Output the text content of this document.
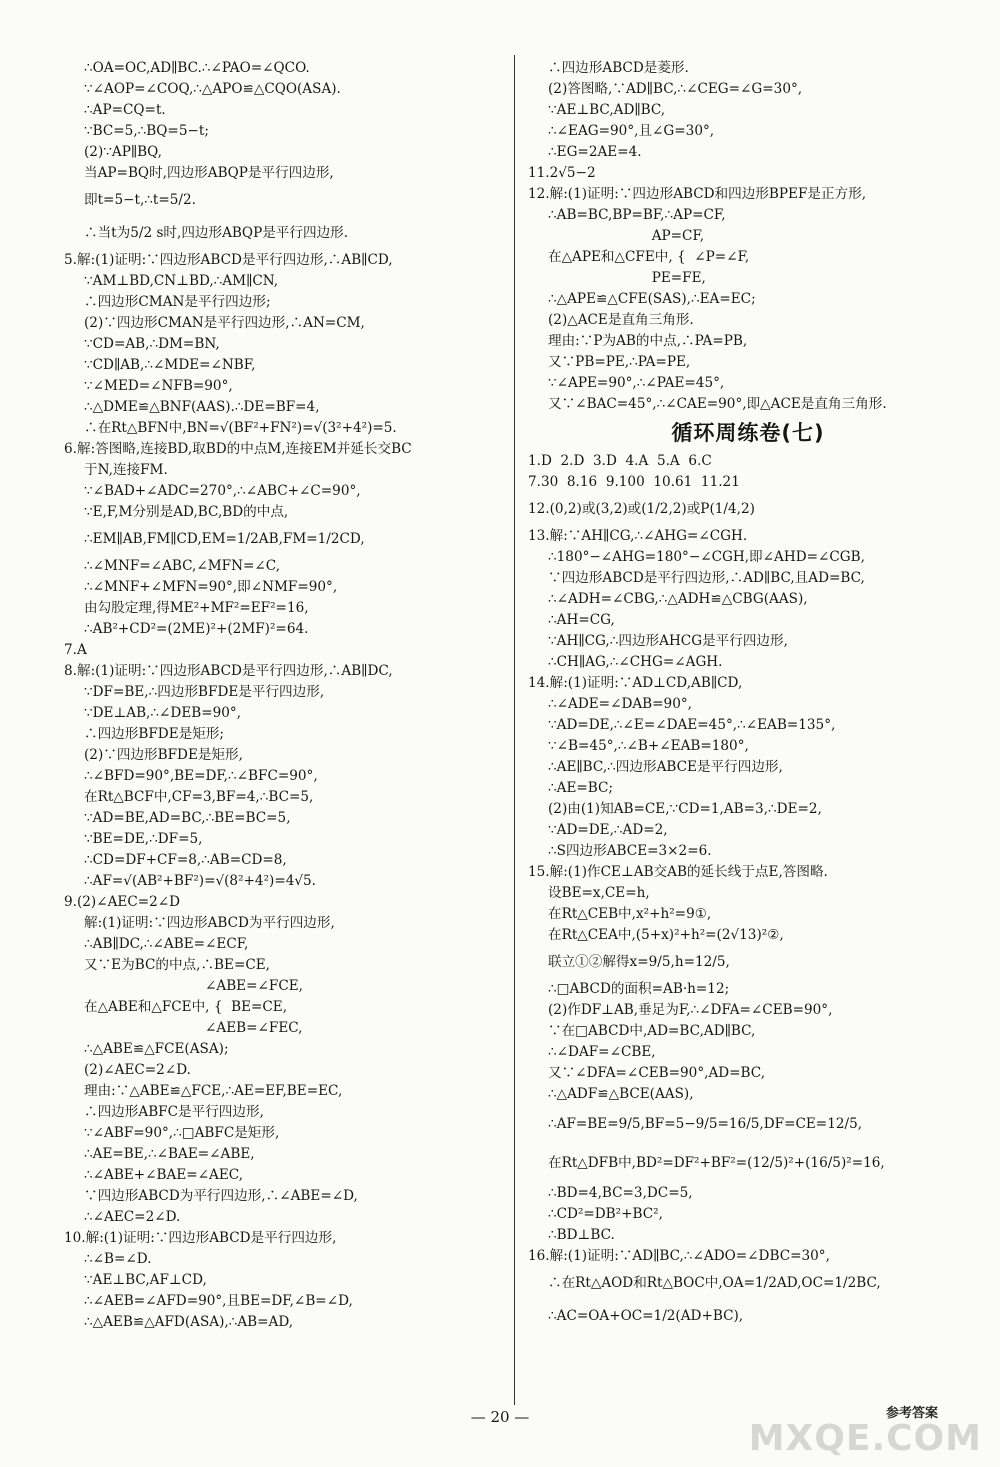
∴OA=OC,AD∥BC.∴∠PAO=∠QCO.
∵∠AOP=∠COQ,∴△APO≌△CQO(ASA).
∴AP=CQ=t.
∵BC=5,∴BQ=5−t;
(2)∵AP∥BQ,
当AP=BQ时,四边形ABQP是平行四边形,
即t=5−t,∴t=5/2.
∴当t为5/2 s时,四边形ABQP是平行四边形.
5.解:(1)证明:∵四边形ABCD是平行四边形,∴AB∥CD,
∵AM⊥BD,CN⊥BD,∴AM∥CN,
∴四边形CMAN是平行四边形;
(2)∵四边形CMAN是平行四边形,∴AN=CM,
∵CD=AB,∴DM=BN,
∵CD∥AB,∴∠MDE=∠NBF,
∵∠MED=∠NFB=90°,
∴△DME≌△BNF(AAS).∴DE=BF=4,
∴在Rt△BFN中,BN=√(BF²+FN²)=√(3²+4²)=5.
6.解:答图略,连接BD,取BD的中点M,连接EM并延长交BC
于N,连接FM.
∵∠BAD+∠ADC=270°,∴∠ABC+∠C=90°,
∵E,F,M分别是AD,BC,BD的中点,
∴EM∥AB,FM∥CD,EM=1/2AB,FM=1/2CD,
∴∠MNF=∠ABC,∠MFN=∠C,
∴∠MNF+∠MFN=90°,即∠NMF=90°,
由勾股定理,得ME²+MF²=EF²=16,
∴AB²+CD²=(2ME)²+(2MF)²=64.
7.A
8.解:(1)证明:∵四边形ABCD是平行四边形,∴AB∥DC,
∵DF=BE,∴四边形BFDE是平行四边形,
∵DE⊥AB,∴∠DEB=90°,
∴四边形BFDE是矩形;
(2)∵四边形BFDE是矩形,
∴∠BFD=90°,BE=DF,∴∠BFC=90°,
在Rt△BCF中,CF=3,BF=4,∴BC=5,
∵AD=BE,AD=BC,∴BE=BC=5,
∵BE=DE,∴DF=5,
∴CD=DF+CF=8,∴AB=CD=8,
∴AF=√(AB²+BF²)=√(8²+4²)=4√5.
9.(2)∠AEC=2∠D
解:(1)证明:∵四边形ABCD为平行四边形,
∴AB∥DC,∴∠ABE=∠ECF,
又∵E为BC的中点,∴BE=CE,
∠ABE=∠FCE,
在△ABE和△FCE中, {  BE=CE,
∠AEB=∠FEC,
∴△ABE≌△FCE(ASA);
(2)∠AEC=2∠D.
理由:∵△ABE≌△FCE,∴AE=EF,BE=EC,
∴四边形ABFC是平行四边形,
∵∠ABF=90°,∴□ABFC是矩形,
∴AE=BE,∴∠BAE=∠ABE,
∴∠ABE+∠BAE=∠AEC,
∵四边形ABCD为平行四边形,∴∠ABE=∠D,
∴∠AEC=2∠D.
10.解:(1)证明:∵四边形ABCD是平行四边形,
∴∠B=∠D.
∵AE⊥BC,AF⊥CD,
∴∠AEB=∠AFD=90°,且BE=DF,∠B=∠D,
∴△AEB≌△AFD(ASA),∴AB=AD,
∴四边形ABCD是菱形.
(2)答图略,∵AD∥BC,∴∠CEG=∠G=30°,
∵AE⊥BC,AD∥BC,
∴∠EAG=90°,且∠G=30°,
∴EG=2AE=4.
11.2√5−2
12.解:(1)证明:∵四边形ABCD和四边形BPEF是正方形,
∴AB=BC,BP=BF,∴AP=CF,
AP=CF,
在△APE和△CFE中, {  ∠P=∠F,
PE=FE,
∴△APE≌△CFE(SAS),∴EA=EC;
(2)△ACE是直角三角形.
理由:∵P为AB的中点,∴PA=PB,
又∵PB=PE,∴PA=PE,
∵∠APE=90°,∴∠PAE=45°,
又∵∠BAC=45°,∴∠CAE=90°,即△ACE是直角三角形.
循环周练卷(七)
1.D  2.D  3.D  4.A  5.A  6.C
7.30  8.16  9.100  10.61  11.21
12.(0,2)或(3,2)或(1/2,2)或P(1/4,2)
13.解:∵AH∥CG,∴∠AHG=∠CGH.
∴180°−∠AHG=180°−∠CGH,即∠AHD=∠CGB,
∵四边形ABCD是平行四边形,∴AD∥BC,且AD=BC,
∴∠ADH=∠CBG,∴△ADH≌△CBG(AAS),
∴AH=CG,
∵AH∥CG,∴四边形AHCG是平行四边形,
∴CH∥AG,∴∠CHG=∠AGH.
14.解:(1)证明:∵AD⊥CD,AB∥CD,
∴∠ADE=∠DAB=90°,
∵AD=DE,∴∠E=∠DAE=45°,∴∠EAB=135°,
∵∠B=45°,∴∠B+∠EAB=180°,
∴AE∥BC,∴四边形ABCE是平行四边形,
∴AE=BC;
(2)由(1)知AB=CE,∵CD=1,AB=3,∴DE=2,
∵AD=DE,∴AD=2,
∴S四边形ABCE=3×2=6.
15.解:(1)作CE⊥AB交AB的延长线于点E,答图略.
设BE=x,CE=h,
在Rt△CEB中,x²+h²=9①,
在Rt△CEA中,(5+x)²+h²=(2√13)²②,
联立①②解得x=9/5,h=12/5,
∴□ABCD的面积=AB·h=12;
(2)作DF⊥AB,垂足为F,∴∠DFA=∠CEB=90°,
∵在□ABCD中,AD=BC,AD∥BC,
∴∠DAF=∠CBE,
又∵∠DFA=∠CEB=90°,AD=BC,
∴△ADF≌△BCE(AAS),
∴AF=BE=9/5,BF=5−9/5=16/5,DF=CE=12/5,
在Rt△DFB中,BD²=DF²+BF²=(12/5)²+(16/5)²=16,
∴BD=4,BC=3,DC=5,
∴CD²=DB²+BC²,
∴BD⊥BC.
16.解:(1)证明:∵AD∥BC,∴∠ADO=∠DBC=30°,
∴在Rt△AOD和Rt△BOC中,OA=1/2AD,OC=1/2BC,
∴AC=OA+OC=1/2(AD+BC),
— 20 —	参考答案
MXQE.COM
